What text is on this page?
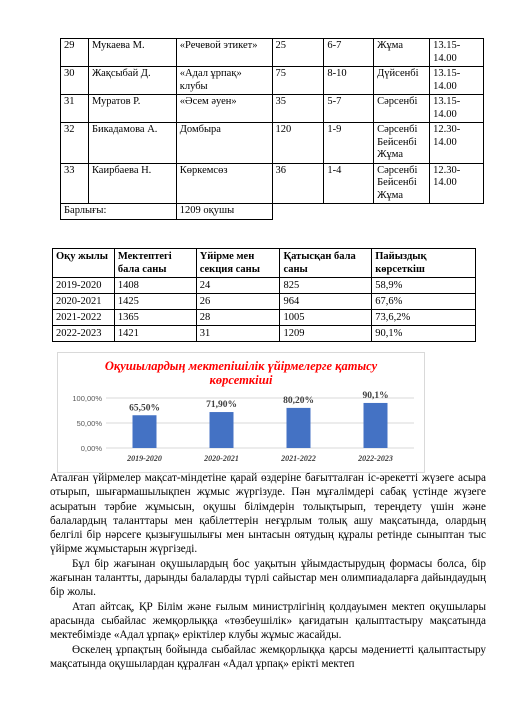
29	Мукаева М.	«Речевой этикет»	25	6-7	Жұма	13.15-14.00
30	Жақсыбай Д.	«Адал ұрпақ» клубы	75	8-10	Дүйсенбі	13.15-14.00
31	Муратов Р.	«Әсем әуен»	35	5-7	Сәрсенбі	13.15-14.00
32	Бикадамова А.	Домбыра	120	1-9	Сәрсенбі Бейсенбі Жұма	12.30-14.00
33	Каирбаева Н.	Көркемсөз	36	1-4	Сәрсенбі Бейсенбі Жұма	12.30-14.00
Барлығы:		1209 оқушы				
Оқу жылы	Мектептегі бала саны	Үйірме мен секция саны	Қатысқан бала саны	Пайыздық көрсеткіш
2019-2020	1408	24	825	58,9%
2020-2021	1425	26	964	67,6%
2021-2022	1365	28	1005	73,6,2%
2022-2023	1421	31	1209	90,1%
Оқушылардың мектепішілік үйірмелерге қатысу көрсеткіші
0,00%
50,00%
100,00%
65,50%	71,90%	80,20%	90,1%
2019-2020	2020-2021	2021-2022	2022-2023

Аталған үйірмелер мақсат-міндетіне қарай өздеріне бағытталған іс-әрекетті жүзеге асыра отырып, шығармашылықпен жұмыс жүргізуде. Пән мұғалімдері сабақ үстінде жүзеге асыратын тәрбие жұмысын, оқушы білімдерін толықтырып, тереңдету үшін және балалардың таланттары мен қабілеттерін неғұрлым толық ашу мақсатында, олардың белгілі бір нәрсеге қызығушылығы мен ынтасын оятудың құралы ретінде сыныптан тыс үйірме жұмыстарын жүргізеді.

Бұл бір жағынан оқушылардың бос уақытын ұйымдастырудың формасы болса, бір жағынан талантты, дарынды балаларды түрлі сайыстар мен олимпиадаларға дайындаудың бір жолы.

Атап айтсақ, ҚР Білім және ғылым министрлігінің қолдауымен мектеп оқушылары арасында сыбайлас жемқорлыққа «төзбеушілік» қағидатын қалыптастыру мақсатында мектебімізде «Адал ұрпақ» еріктілер клубы жұмыс жасайды.

Өскелең ұрпақтың бойында сыбайлас жемқорлыққа қарсы мәдениетті қалыптастыру мақсатында оқушылардан құралған «Адал ұрпақ» ерікті мектеп
